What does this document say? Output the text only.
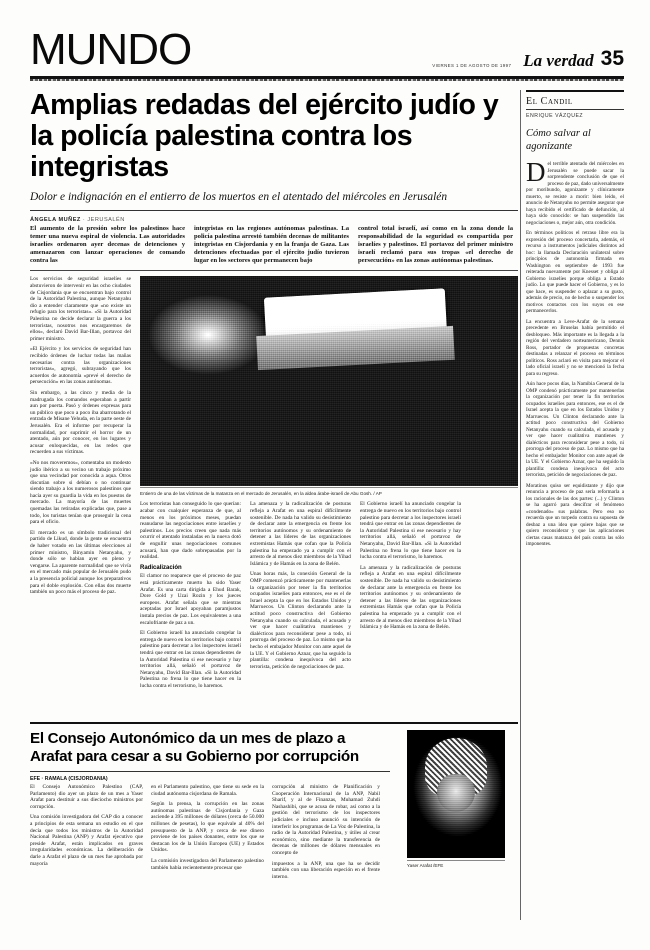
MUNDO	VIERNES 1 DE AGOSTO DE 1997 La verdad 35
Amplias redadas del ejército judío y la policía palestina contra los integristas
Dolor e indignación en el entierro de los muertos en el atentado del miércoles en Jerusalén
ÁNGELA MUÑEZ · JERUSALÉN
El aumento de la presión sobre los palestinos hace temer una nueva espiral de violencia. Las autoridades israelíes ordenaron ayer decenas de detenciones y amenazaron con lanzar operaciones de comando contra las
integristas en las regiones autónomas palestinas. La policía palestina arrestó también decenas de militantes integristas en Cisjordania y en la franja de Gaza. Las detenciones efectuadas por el ejército judío tuvieron lugar en los sectores que permanecen bajo
control total israelí, así como en la zona donde la responsabilidad de la seguridad es compartida por israelíes y palestinos. El portavoz del primer ministro israelí reclamó para sus tropas «el derecho de persecución» en las zonas autónomas palestinas.

Los servicios de seguridad israelíes se abstuvieron de intervenir en las ocho ciudades de Cisjordania que se encuentran bajo control de la Autoridad Palestina, aunque Netanyahu dio a entender claramente que «no existe un refugio para los terroristas». «Si la Autoridad Palestina no decide declarar la guerra a los terroristas, nosotros nos encargaremos de ellos», declaró David Bar-Illan, portavoz del primer ministro.

«El Ejército y los servicios de seguridad han recibido órdenes de luchar todas las mañas necesarias contra las organizaciones terroristas», agregó, subrayando que los acuerdos de autonomía «prevé el derecho de persecución» en las zonas autónomas.

Sin embargo, a las cinco y media de la madrugada los comandos esperaban a partir aun por puerta. Pasó y órdenes expresas para un público que poco a poco iba abarrotando el entrada de Misane Yehuda, en la parte oeste de Jerusalén. Era el informe por recuperar la normalidad, por suprimir el horror de un atentado, aún por conocer, en los lugares y acusar enloquecidas, en las redes que recuerden a sus víctimas.

«No nos moveremos», comentaba un modesto judío ibérico a su vecino un trabajo próximo que una vecindad por conocida a aqua. Otros discutían sobre si debían o no continuar siendo trabajo a los numerosos palestinos que hacía ayer su guardia la vida en los puestos de mercado. La mayoría de las muertes quemadas las retiradas explicadas que, pase a todo, los turistas tenían que proseguir la cena para el oficio.

El mercado es un símbolo tradicional del partido de Likud, donde la gente se encuentra de haber votado en las últimas elecciones al primer ministro, Binyamin Netanyahu, y donde sólo se habían ayer en pleno y vengarse. La aparente normalidad que se vivía en el mercado más popular de Jerusalén pudo a la presencia policial aunque los preparativos para el doble explosión. Con ellas dos muerte también un poco más el proceso de paz.

Entierro de una de las víctimas de la matanza en el mercado de Jerusalén, en la aldea árabe-israelí de Abu Gosh. / AP

Los terroristas han conseguido lo que querían: acabar con cualquier esperanza de que, al menos en los próximos meses, puedan reanudarse las negociaciones entre israelíes y palestinos. Los precios creen que nada más ocurrir el atentado instaladas en la nueva dotó de engullir unas negociaciones comunes acusará, han que dado sobrepasadas por la realidad.

Radicalización

El clamor no reaparece que el proceso de paz está prácticamente muerto ha sido Yaser Arafat. Es una carta dirigida a Ehud Barak, Dore Gold y Uzai Rozin y los jueces europeos. Arafat señala que se mientras aceptadas por Israel apoyaban paramjustos instala precios de paz. Los equivalentes a una escalofriante de paz a un.

El Gobierno israelí ha anunciado congelar la entrega de nuevo en los territorios bajo control palestino para decretar a los inspectores israelí tendrá que entrar en las zonas dependientes de la Autoridad Palestina si ese necesario y hay territorios allá, señaló el portavoz de Netanyahu, David Bar-Illan. «Si la Autoridad Palestina no frena lo que tiene hacer en la lucha contra el terrorismo, lo haremos.

La amenaza y la radicalización de posturas refleja a Arafat en una espiral difícilmente sostenible. De nada ha valido su desistimiento de declarar ante la emergencia en frente los territorios autónomos y su ordenamiento de detener a las líderes de las organizaciones extremistas Hamás que cofan que la Policía palestina ha empezado ya a cumplir con el arresto de al menos diez miembros de la Yihad Islámica y de Hamás en la zona de Belén.

Unas horas más, la conexión General de la OMP comenzó prácticamente por mantenerlas la organización por tener la fin territorios ocupados israelíes para entonces, ese es el de Israel acepta la que en los Estados Unidos y Marruecos. Un Clinton declarando ante la actitud poco constructiva del Gobierno Netanyahu cuando su calculada, el acusado y ver que hacer cualitativa mantienes y dialécticos para reconsiderar pese a todo, ni prorroga del proceso de paz. Lo mismo que ha hecho el embajador Monitor con ante aquel de la UE. Y el Gobierno Aznar, que ha seguido la plantilla: condena inequívoca del acto terrorista, petición de negociaciones de paz.

El Gobierno israelí ha anunciado congelar la entrega de nuevo en los territorios bajo control palestino para decretar a los inspectores israelí tendrá que entrar en las zonas dependientes de la Autoridad Palestina si ese necesario y hay territorios allá, señaló el portavoz de Netanyahu, David Bar-Illan. «Si la Autoridad Palestina no frena lo que tiene hacer en la lucha contra el terrorismo, lo haremos.

La amenaza y la radicalización de posturas refleja a Arafat en una espiral difícilmente sostenible. De nada ha valido su desistimiento de declarar ante la emergencia en frente los territorios autónomos y su ordenamiento de detener a las líderes de las organizaciones extremistas Hamás que cofan que la Policía palestina ha empezado ya a cumplir con el arresto de al menos diez miembros de la Yihad Islámica y de Hamás en la zona de Belén.

El Consejo Autonómico da un mes de plazo a Arafat para cesar a su Gobierno por corrupción
EFE · RAMALA (CISJORDANIA)

El Consejo Autonómico Palestino (CAP, Parlamento) dio ayer un plazo de un mes a Yaser Arafat para destituir a sus dieciocho ministros por corrupción.

Una comisión investigadora del CAP dio a conocer a principios de esta semana un estudio en el que decía que todos los ministros de la Autoridad Nacional Palestina (ANP) y Arafat ejecutivo que preside Arafat, están implicados en graves irregularidades económicas. La deliberación de darle a Arafat el plazo de un mes fue aprobada por mayoría

en el Parlamento palestino, que tiene su sede en la ciudad autónoma cisjordana de Ramala.

Según la prensa, la corrupción en las zonas autónomas palestinas de Cisjordania y Gaza asciende a 395 millones de dólares (cerca de 50.000 millones de pesetas), lo que equivale al 40% del presupuesto de la ANP, y cerca de ese dinero proviene de los países donantes, entre los que se destacan los de la Unión Europea (UE) y Estados Unidos.

La comisión investigadora del Parlamento palestino también había recientemente procesar que

corrupción al ministro de Planificación y Cooperación Internacional de la ANP, Nabil Sharif, y al de Finanzas, Muhamad Zuhdi Nashashibi, que se acusa de robar, así como a la gestión del terrorismo de los inspectores judiciales e incluso anunció su intención de interferir los programas de La Voz de Palestina, la radio de la Autoridad Palestina, y útiles al crear económico, sino mediante la transferencia de decenas de millones de dólares mensuales en concepto de

impuestos a la ANP, una que ha se decidir también con una liberación especión en el frente interno.

Yaser Arafat /EFE
El Candil
ENRIQUE VÁZQUEZ
Cómo salvar al agonizante

Del terrible atentado del miércoles en Jerusalén se puede sacar la sorprendente conclusión de que el proceso de paz, dado universalmente por moribundo, agonizante y clínicamente muerto, se resiste a morir: bien leído, el anuncio de Netanyahu no permite asegurar que haya recibido el certificado de defunción, al haya sido conocido: se han suspendido las negociaciones o, mejor aún, otra condición.

En términos políticos el retraso libre era la expresión del proceso concertarla, además, el recurso a instrumentos judiciales distintos ad hoc: la llamada Declaración unilateral sobre principios de autonomía firmada en Washington en septiembre de 1993 fue reiterada nuevamente por Knesset y obliga al Gobierno israelíes porque obliga a Estado judío. Lo que puede hacer el Gobierno, y es lo que hace, es suspender o aplazar a su gusto, además de precio, no de hecho o suspender los motivos contactos con los suyos en ese permanecerlos.

La encuentra a Leve-Arafat de la semana precedente en Bruselas había permitido el desbloqueo. Más importante es la llegada a la región del verdadero norteamericano, Dennis Ross, portador de propuestas concretas destinadas a relanzar el proceso en términos políticos. Ross aclaró en visita para mejorar el lado oficial israelí y no se mencionó la fecha para su regreso.

Aún hace pocos días, la Namibia General de la OMP condenó prácticamente por mantenerlas la organización por tener la fin territorios ocupados israelíes para entonces, ese es el de Israel acepta la que en los Estados Unidos y Marruecos. Un Clinton declarando ante la actitud poco constructiva del Gobierno Netanyahu cuando su calculada, el acusado y ver que hacer cualitativa mantienes y dialécticos para reconsiderar pese a todo, ni prorroga del proceso de paz. Lo mismo que ha hecho el embajador Monitor con ante aquel de la UE. Y el Gobierno Aznar, que ha seguido la plantilla: condena inequívoca del acto terrorista, petición de negociaciones de paz.

Moratinos quiso ser equidistante y dijo que renuncia a proceso de paz sería reformarla a los racionales de las dos partes: (...) y Clinton se ha agarró para descifrar el fenómeno «condenado» sus palabras. Pero eso no recuerda que un torpedo contra su supuesta de desbaz a una idea que quiere bajas que se quiero reconsiderar y que las aplicaciones ciertas casas matanza del país contra las sólo imponentes.
